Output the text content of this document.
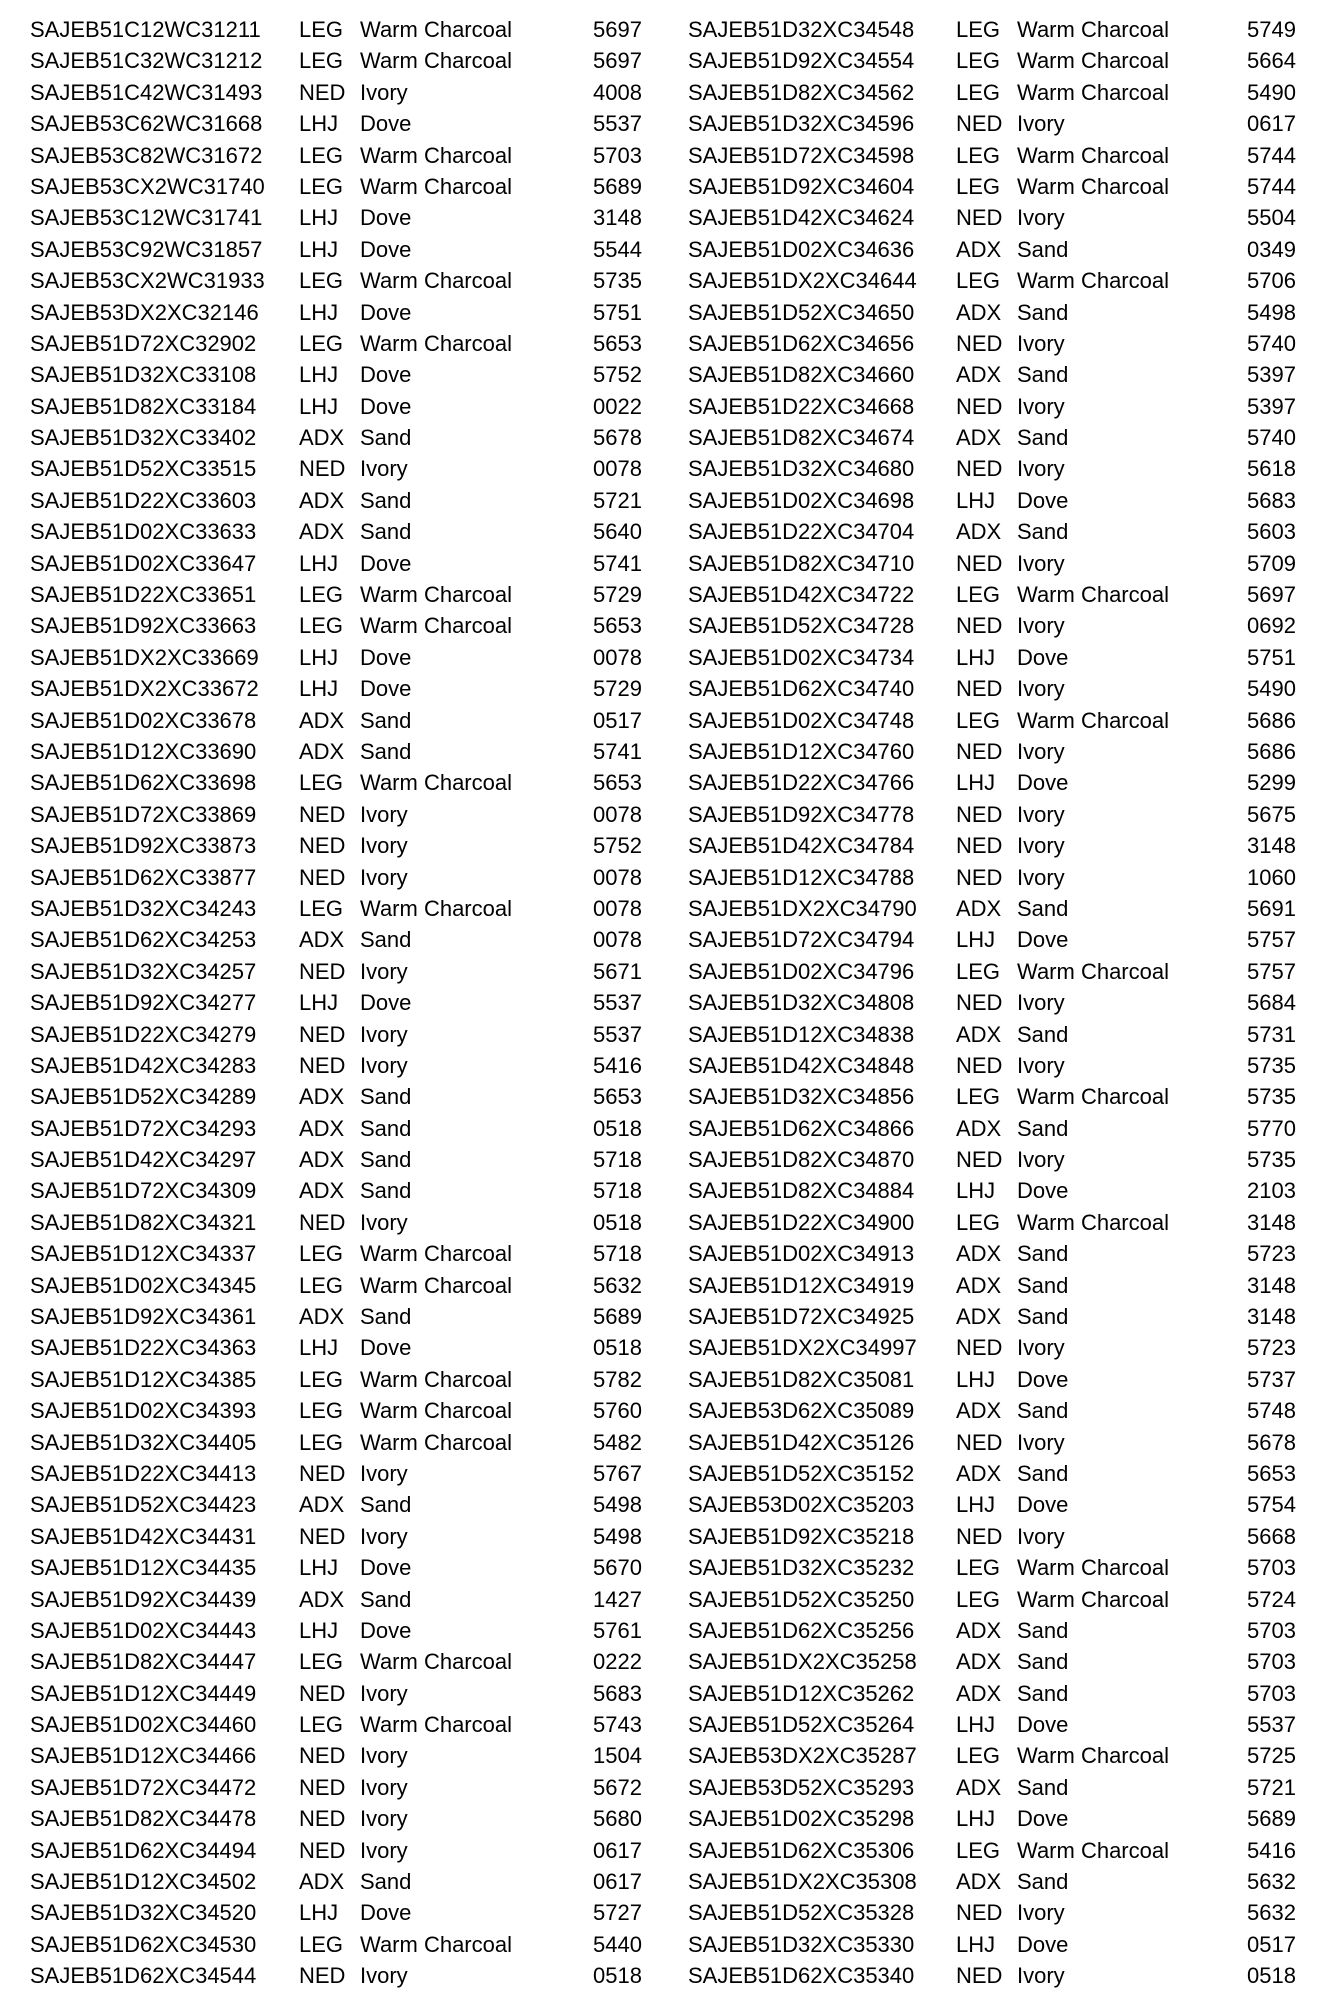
SAJEB51C12WC31211 LEG Warm Charcoal	5697
SAJEB51C32WC31212 LEG Warm Charcoal	5697
SAJEB51C42WC31493 NED Ivory	4008
SAJEB53C62WC31668 LHJ Dove	5537
SAJEB53C82WC31672 LEG Warm Charcoal	5703
SAJEB53CX2WC31740 LEG Warm Charcoal	5689
SAJEB53C12WC31741 LHJ Dove	3148
SAJEB53C92WC31857 LHJ Dove	5544
SAJEB53CX2WC31933 LEG Warm Charcoal	5735
SAJEB53DX2XC32146 LHJ Dove	5751
SAJEB51D72XC32902 LEG Warm Charcoal	5653
SAJEB51D32XC33108 LHJ Dove	5752
SAJEB51D82XC33184 LHJ Dove	0022
SAJEB51D32XC33402 ADX Sand	5678
SAJEB51D52XC33515 NED Ivory	0078
SAJEB51D22XC33603 ADX Sand	5721
SAJEB51D02XC33633 ADX Sand	5640
SAJEB51D02XC33647 LHJ Dove	5741
SAJEB51D22XC33651 LEG Warm Charcoal	5729
SAJEB51D92XC33663 LEG Warm Charcoal	5653
SAJEB51DX2XC33669 LHJ Dove	0078
SAJEB51DX2XC33672 LHJ Dove	5729
SAJEB51D02XC33678 ADX Sand	0517
SAJEB51D12XC33690 ADX Sand	5741
SAJEB51D62XC33698 LEG Warm Charcoal	5653
SAJEB51D72XC33869 NED Ivory	0078
SAJEB51D92XC33873 NED Ivory	5752
SAJEB51D62XC33877 NED Ivory	0078
SAJEB51D32XC34243 LEG Warm Charcoal	0078
SAJEB51D62XC34253 ADX Sand	0078
SAJEB51D32XC34257 NED Ivory	5671
SAJEB51D92XC34277 LHJ Dove	5537
SAJEB51D22XC34279 NED Ivory	5537
SAJEB51D42XC34283 NED Ivory	5416
SAJEB51D52XC34289 ADX Sand	5653
SAJEB51D72XC34293 ADX Sand	0518
SAJEB51D42XC34297 ADX Sand	5718
SAJEB51D72XC34309 ADX Sand	5718
SAJEB51D82XC34321 NED Ivory	0518
SAJEB51D12XC34337 LEG Warm Charcoal	5718
SAJEB51D02XC34345 LEG Warm Charcoal	5632
SAJEB51D92XC34361 ADX Sand	5689
SAJEB51D22XC34363 LHJ Dove	0518
SAJEB51D12XC34385 LEG Warm Charcoal	5782
SAJEB51D02XC34393 LEG Warm Charcoal	5760
SAJEB51D32XC34405 LEG Warm Charcoal	5482
SAJEB51D22XC34413 NED Ivory	5767
SAJEB51D52XC34423 ADX Sand	5498
SAJEB51D42XC34431 NED Ivory	5498
SAJEB51D12XC34435 LHJ Dove	5670
SAJEB51D92XC34439 ADX Sand	1427
SAJEB51D02XC34443 LHJ Dove	5761
SAJEB51D82XC34447 LEG Warm Charcoal	0222
SAJEB51D12XC34449 NED Ivory	5683
SAJEB51D02XC34460 LEG Warm Charcoal	5743
SAJEB51D12XC34466 NED Ivory	1504
SAJEB51D72XC34472 NED Ivory	5672
SAJEB51D82XC34478 NED Ivory	5680
SAJEB51D62XC34494 NED Ivory	0617
SAJEB51D12XC34502 ADX Sand	0617
SAJEB51D32XC34520 LHJ Dove	5727
SAJEB51D62XC34530 LEG Warm Charcoal	5440
SAJEB51D62XC34544 NED Ivory	0518
SAJEB51D32XC34548 LEG Warm Charcoal	5749
SAJEB51D92XC34554 LEG Warm Charcoal	5664
SAJEB51D82XC34562 LEG Warm Charcoal	5490
SAJEB51D32XC34596 NED Ivory	0617
SAJEB51D72XC34598 LEG Warm Charcoal	5744
SAJEB51D92XC34604 LEG Warm Charcoal	5744
SAJEB51D42XC34624 NED Ivory	5504
SAJEB51D02XC34636 ADX Sand	0349
SAJEB51DX2XC34644 LEG Warm Charcoal	5706
SAJEB51D52XC34650 ADX Sand	5498
SAJEB51D62XC34656 NED Ivory	5740
SAJEB51D82XC34660 ADX Sand	5397
SAJEB51D22XC34668 NED Ivory	5397
SAJEB51D82XC34674 ADX Sand	5740
SAJEB51D32XC34680 NED Ivory	5618
SAJEB51D02XC34698 LHJ Dove	5683
SAJEB51D22XC34704 ADX Sand	5603
SAJEB51D82XC34710 NED Ivory	5709
SAJEB51D42XC34722 LEG Warm Charcoal	5697
SAJEB51D52XC34728 NED Ivory	0692
SAJEB51D02XC34734 LHJ Dove	5751
SAJEB51D62XC34740 NED Ivory	5490
SAJEB51D02XC34748 LEG Warm Charcoal	5686
SAJEB51D12XC34760 NED Ivory	5686
SAJEB51D22XC34766 LHJ Dove	5299
SAJEB51D92XC34778 NED Ivory	5675
SAJEB51D42XC34784 NED Ivory	3148
SAJEB51D12XC34788 NED Ivory	1060
SAJEB51DX2XC34790 ADX Sand	5691
SAJEB51D72XC34794 LHJ Dove	5757
SAJEB51D02XC34796 LEG Warm Charcoal	5757
SAJEB51D32XC34808 NED Ivory	5684
SAJEB51D12XC34838 ADX Sand	5731
SAJEB51D42XC34848 NED Ivory	5735
SAJEB51D32XC34856 LEG Warm Charcoal	5735
SAJEB51D62XC34866 ADX Sand	5770
SAJEB51D82XC34870 NED Ivory	5735
SAJEB51D82XC34884 LHJ Dove	2103
SAJEB51D22XC34900 LEG Warm Charcoal	3148
SAJEB51D02XC34913 ADX Sand	5723
SAJEB51D12XC34919 ADX Sand	3148
SAJEB51D72XC34925 ADX Sand	3148
SAJEB51DX2XC34997 NED Ivory	5723
SAJEB51D82XC35081 LHJ Dove	5737
SAJEB53D62XC35089 ADX Sand	5748
SAJEB51D42XC35126 NED Ivory	5678
SAJEB51D52XC35152 ADX Sand	5653
SAJEB53D02XC35203 LHJ Dove	5754
SAJEB51D92XC35218 NED Ivory	5668
SAJEB51D32XC35232 LEG Warm Charcoal	5703
SAJEB51D52XC35250 LEG Warm Charcoal	5724
SAJEB51D62XC35256 ADX Sand	5703
SAJEB51DX2XC35258 ADX Sand	5703
SAJEB51D12XC35262 ADX Sand	5703
SAJEB51D52XC35264 LHJ Dove	5537
SAJEB53DX2XC35287 LEG Warm Charcoal	5725
SAJEB53D52XC35293 ADX Sand	5721
SAJEB51D02XC35298 LHJ Dove	5689
SAJEB51D62XC35306 LEG Warm Charcoal	5416
SAJEB51DX2XC35308 ADX Sand	5632
SAJEB51D52XC35328 NED Ivory	5632
SAJEB51D32XC35330 LHJ Dove	0517
SAJEB51D62XC35340 NED Ivory	0518
